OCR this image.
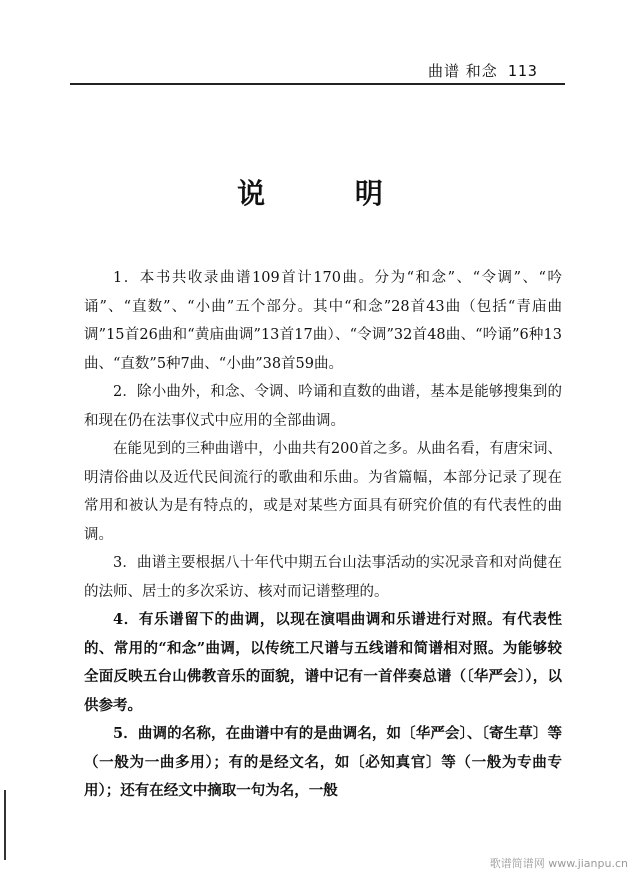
曲谱 和念 113
说 明

1．本书共收录曲谱109首计170曲。分为“和念”、“令调”、“吟诵”、“直数”、“小曲”五个部分。其中“和念”28首43曲（包括“青庙曲调”15首26曲和“黄庙曲调”13首17曲）、“令调”32首48曲、“吟诵”6种13曲、“直数”5种7曲、“小曲”38首59曲。

2．除小曲外，和念、令调、吟诵和直数的曲谱，基本是能够搜集到的和现在仍在法事仪式中应用的全部曲调。

在能见到的三种曲谱中，小曲共有200首之多。从曲名看，有唐宋词、明清俗曲以及近代民间流行的歌曲和乐曲。为省篇幅，本部分记录了现在常用和被认为是有特点的，或是对某些方面具有研究价值的有代表性的曲调。

3．曲谱主要根据八十年代中期五台山法事活动的实况录音和对尚健在的法师、居士的多次采访、核对而记谱整理的。

4．有乐谱留下的曲调，以现在演唱曲调和乐谱进行对照。有代表性的、常用的“和念”曲调，以传统工尺谱与五线谱和简谱相对照。为能够较全面反映五台山佛教音乐的面貌，谱中记有一首伴奏总谱（〔华严会〕），以供参考。

5．曲调的名称，在曲谱中有的是曲调名，如〔华严会〕、〔寄生草〕等（一般为一曲多用）；有的是经文名，如〔必知真官〕等（一般为专曲专用）；还有在经文中摘取一句为名，一般

歌谱简谱网 www.jianpu.cn
